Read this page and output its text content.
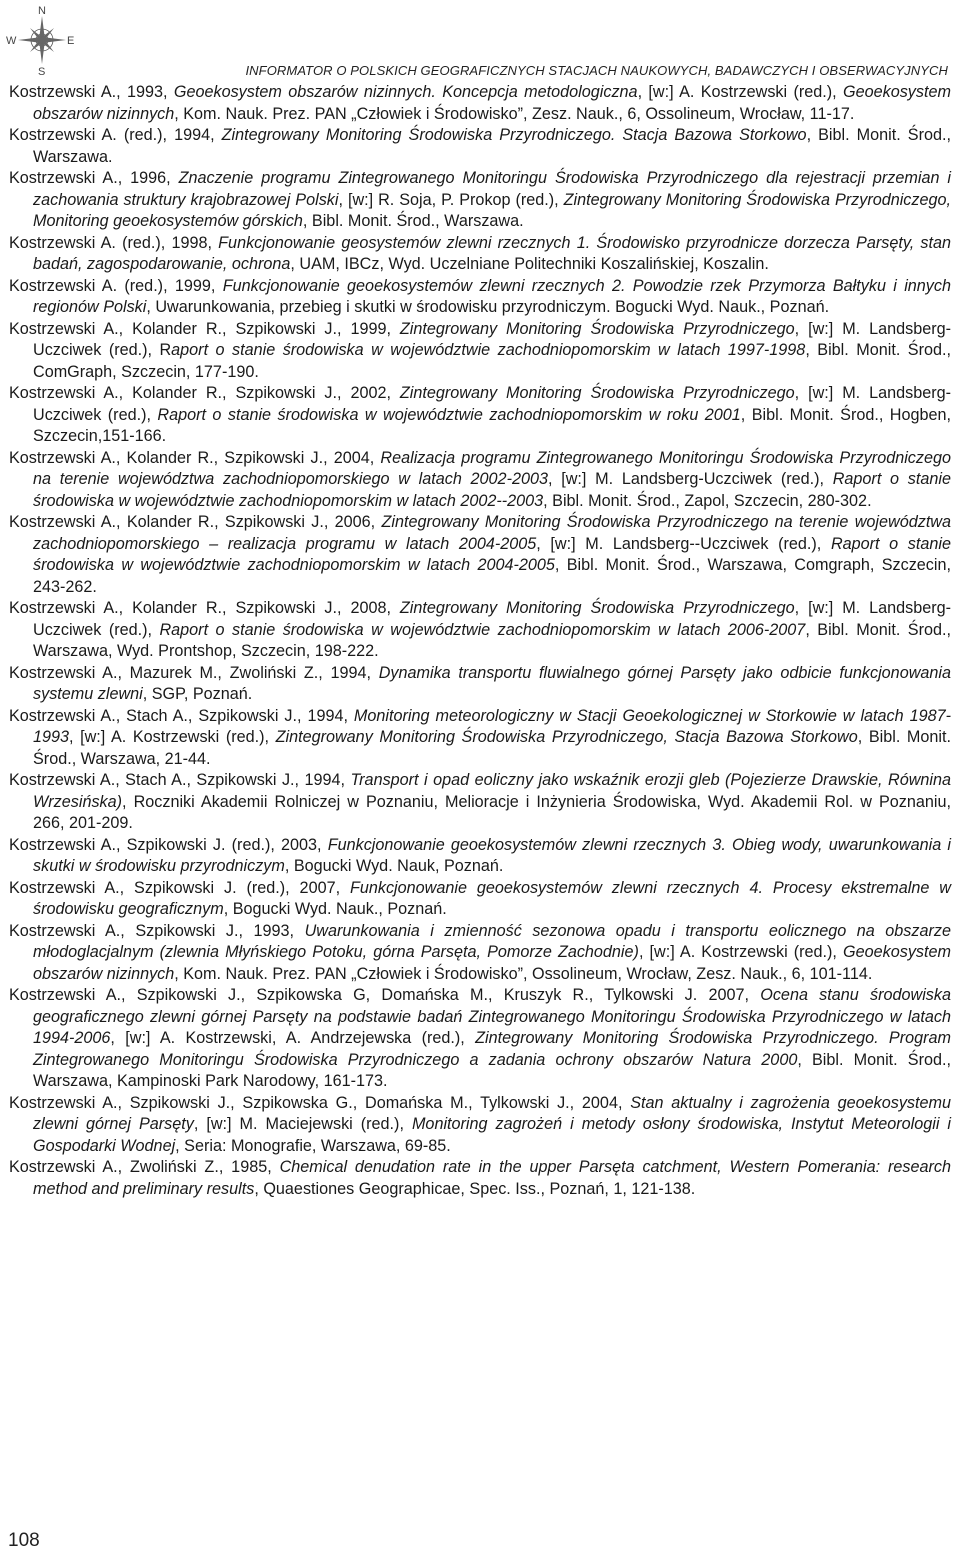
N
W	E
S	INFORMATOR O POLSKICH GEOGRAFICZNYCH STACJACH NAUKOWYCH, BADAWCZYCH I OBSERWACYJNYCH

Kostrzewski A., 1993, Geoekosystem obszarów nizinnych. Koncepcja metodologiczna, [w:] A. Kostrzewski (red.), Geoekosystem obszarów nizinnych, Kom. Nauk. Prez. PAN „Człowiek i Środowisko”, Zesz. Nauk., 6, Ossolineum, Wrocław, 11-17.

Kostrzewski A. (red.), 1994, Zintegrowany Monitoring Środowiska Przyrodniczego. Stacja Bazowa Storkowo, Bibl. Monit. Środ., Warszawa.

Kostrzewski A., 1996, Znaczenie programu Zintegrowanego Monitoringu Środowiska Przyrodniczego dla rejestracji przemian i zachowania struktury krajobrazowej Polski, [w:] R. Soja, P. Prokop (red.), Zintegrowany Monitoring Środowiska Przyrodniczego, Monitoring geoekosystemów górskich, Bibl. Monit. Środ., Warszawa.

Kostrzewski A. (red.), 1998, Funkcjonowanie geosystemów zlewni rzecznych 1. Środowisko przyrodnicze dorzecza Parsęty, stan badań, zagospodarowanie, ochrona, UAM, IBCz, Wyd. Uczelniane Politechniki Koszalińskiej, Koszalin.

Kostrzewski A. (red.), 1999, Funkcjonowanie geoekosystemów zlewni rzecznych 2. Powodzie rzek Przymorza Bałtyku i innych regionów Polski, Uwarunkowania, przebieg i skutki w środowisku przyrodniczym. Bogucki Wyd. Nauk., Poznań.

Kostrzewski A., Kolander R., Szpikowski J., 1999, Zintegrowany Monitoring Środowiska Przyrodniczego, [w:] M. Landsberg-Uczciwek (red.), Raport o stanie środowiska w województwie zachodniopomorskim w latach 1997-1998, Bibl. Monit. Środ., ComGraph, Szczecin, 177-190.

Kostrzewski A., Kolander R., Szpikowski J., 2002, Zintegrowany Monitoring Środowiska Przyrodniczego, [w:] M. Landsberg-Uczciwek (red.), Raport o stanie środowiska w województwie zachodniopomorskim w roku 2001, Bibl. Monit. Środ., Hogben, Szczecin,151-166.

Kostrzewski A., Kolander R., Szpikowski J., 2004, Realizacja programu Zintegrowanego Monitoringu Środowiska Przyrodniczego na terenie województwa zachodniopomorskiego w latach 2002-2003, [w:] M. Landsberg-Uczciwek (red.), Raport o stanie środowiska w województwie zachodniopomorskim w latach 2002--2003, Bibl. Monit. Środ., Zapol, Szczecin, 280-302.

Kostrzewski A., Kolander R., Szpikowski J., 2006, Zintegrowany Monitoring Środowiska Przyrodniczego na terenie województwa zachodniopomorskiego – realizacja programu w latach 2004-2005, [w:] M. Landsberg--Uczciwek (red.), Raport o stanie środowiska w województwie zachodniopomorskim w latach 2004-2005, Bibl. Monit. Środ., Warszawa, Comgraph, Szczecin, 243-262.

Kostrzewski A., Kolander R., Szpikowski J., 2008, Zintegrowany Monitoring Środowiska Przyrodniczego, [w:] M. Landsberg-Uczciwek (red.), Raport o stanie środowiska w województwie zachodniopomorskim w latach 2006-2007, Bibl. Monit. Środ., Warszawa, Wyd. Prontshop, Szczecin, 198-222.

Kostrzewski A., Mazurek M., Zwoliński Z., 1994, Dynamika transportu fluwialnego górnej Parsęty jako odbicie funkcjonowania systemu zlewni, SGP, Poznań.

Kostrzewski A., Stach A., Szpikowski J., 1994, Monitoring meteorologiczny w Stacji Geoekologicznej w Storkowie w latach 1987-1993, [w:] A. Kostrzewski (red.), Zintegrowany Monitoring Środowiska Przyrodniczego, Stacja Bazowa Storkowo, Bibl. Monit. Środ., Warszawa, 21-44.

Kostrzewski A., Stach A., Szpikowski J., 1994, Transport i opad eoliczny jako wskaźnik erozji gleb (Pojezierze Drawskie, Równina Wrzesińska), Roczniki Akademii Rolniczej w Poznaniu, Melioracje i Inżynieria Środowiska, Wyd. Akademii Rol. w Poznaniu, 266, 201-209.

Kostrzewski A., Szpikowski J. (red.), 2003, Funkcjonowanie geoekosystemów zlewni rzecznych 3. Obieg wody, uwarunkowania i skutki w środowisku przyrodniczym, Bogucki Wyd. Nauk, Poznań.

Kostrzewski A., Szpikowski J. (red.), 2007, Funkcjonowanie geoekosystemów zlewni rzecznych 4. Procesy ekstremalne w środowisku geograficznym, Bogucki Wyd. Nauk., Poznań.

Kostrzewski A., Szpikowski J., 1993, Uwarunkowania i zmienność sezonowa opadu i transportu eolicznego na obszarze młodoglacjalnym (zlewnia Młyńskiego Potoku, górna Parsęta, Pomorze Zachodnie), [w:] A. Kostrzewski (red.), Geoekosystem obszarów nizinnych, Kom. Nauk. Prez. PAN „Człowiek i Środowisko”, Ossolineum, Wrocław, Zesz. Nauk., 6, 101-114.

Kostrzewski A., Szpikowski J., Szpikowska G, Domańska M., Kruszyk R., Tylkowski J. 2007, Ocena stanu środowiska geograficznego zlewni górnej Parsęty na podstawie badań Zintegrowanego Monitoringu Środowiska Przyrodniczego w latach 1994-2006, [w:] A. Kostrzewski, A. Andrzejewska (red.), Zintegrowany Monitoring Środowiska Przyrodniczego. Program Zintegrowanego Monitoringu Środowiska Przyrodniczego a zadania ochrony obszarów Natura 2000, Bibl. Monit. Środ., Warszawa, Kampinoski Park Narodowy, 161-173.

Kostrzewski A., Szpikowski J., Szpikowska G., Domańska M., Tylkowski J., 2004, Stan aktualny i zagrożenia geoekosystemu zlewni górnej Parsęty, [w:] M. Maciejewski (red.), Monitoring zagrożeń i metody osłony środowiska, Instytut Meteorologii i Gospodarki Wodnej, Seria: Monografie, Warszawa, 69-85.

Kostrzewski A., Zwoliński Z., 1985, Chemical denudation rate in the upper Parsęta catchment, Western Pomerania: research method and preliminary results, Quaestiones Geographicae, Spec. Iss., Poznań, 1, 121-138.

108
